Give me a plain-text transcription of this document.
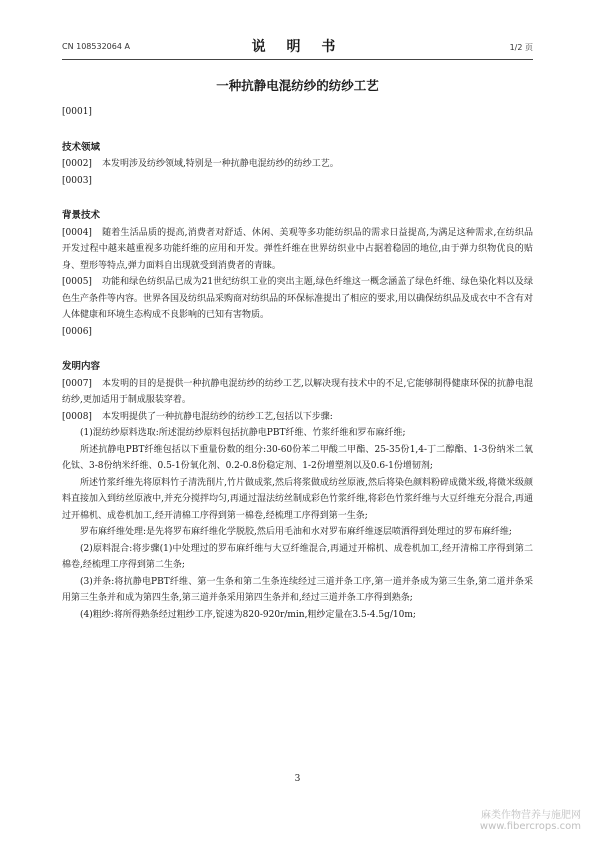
CN 108532064 A	说 明 书	1/2 页
一种抗静电混纺纱的纺纱工艺
[0001]
技术领域
[0002] 本发明涉及纺纱领域,特别是一种抗静电混纺纱的纺纱工艺。
[0003]
背景技术
[0004] 随着生活品质的提高,消费者对舒适、休闲、美观等多功能纺织品的需求日益提高,为满足这种需求,在纺织品开发过程中越来越重视多功能纤维的应用和开发。弹性纤维在世界纺织业中占据着稳固的地位,由于弹力织物优良的贴身、塑形等特点,弹力面料自出现就受到消费者的青睐。
[0005] 功能和绿色纺织品已成为21世纪纺织工业的突出主题,绿色纤维这一概念涵盖了绿色纤维、绿色染化料以及绿色生产条件等内容。世界各国及纺织品采购商对纺织品的环保标准提出了相应的要求,用以确保纺织品及成衣中不含有对人体健康和环境生态构成不良影响的已知有害物质。
[0006]
发明内容
[0007] 本发明的目的是提供一种抗静电混纺纱的纺纱工艺,以解决现有技术中的不足,它能够制得健康环保的抗静电混纺纱,更加适用于制成服装穿着。
[0008] 本发明提供了一种抗静电混纺纱的纺纱工艺,包括以下步骤:
(1)混纺纱原料选取:所述混纺纱原料包括抗静电PBT纤维、竹浆纤维和罗布麻纤维;
所述抗静电PBT纤维包括以下重量份数的组分:30-60份苯二甲酸二甲酯、25-35份1,4-丁二醇酯、1-3份纳米二氧化钛、3-8份纳米纤维、0.5-1份氧化剂、0.2-0.8份稳定剂、1-2份增塑剂以及0.6-1份增韧剂;
所述竹浆纤维先将原料竹子清洗削片,竹片做成浆,然后将浆做成纺丝原液,然后将染色颜料粉碎成微米级,将微米级颜料直接加入到纺丝原液中,并充分搅拌均匀,再通过湿法纺丝制成彩色竹浆纤维,将彩色竹浆纤维与大豆纤维充分混合,再通过开棉机、成卷机加工,经开清棉工序得到第一棉卷,经梳理工序得到第一生条;
罗布麻纤维处理:是先将罗布麻纤维化学脱胶,然后用毛油和水对罗布麻纤维逐层喷洒得到处理过的罗布麻纤维;
(2)原料混合:将步骤(1)中处理过的罗布麻纤维与大豆纤维混合,再通过开棉机、成卷机加工,经开清棉工序得到第二棉卷,经梳理工序得到第二生条;
(3)并条:将抗静电PBT纤维、第一生条和第二生条连续经过三道并条工序,第一道并条成为第三生条,第二道并条采用第三生条并和成为第四生条,第三道并条采用第四生条并和,经过三道并条工序得到熟条;
(4)粗纱:将所得熟条经过粗纱工序,锭速为820-920r/min,粗纱定量在3.5-4.5g/10m;
3
麻类作物营养与施肥网
www.fibercrops.com
